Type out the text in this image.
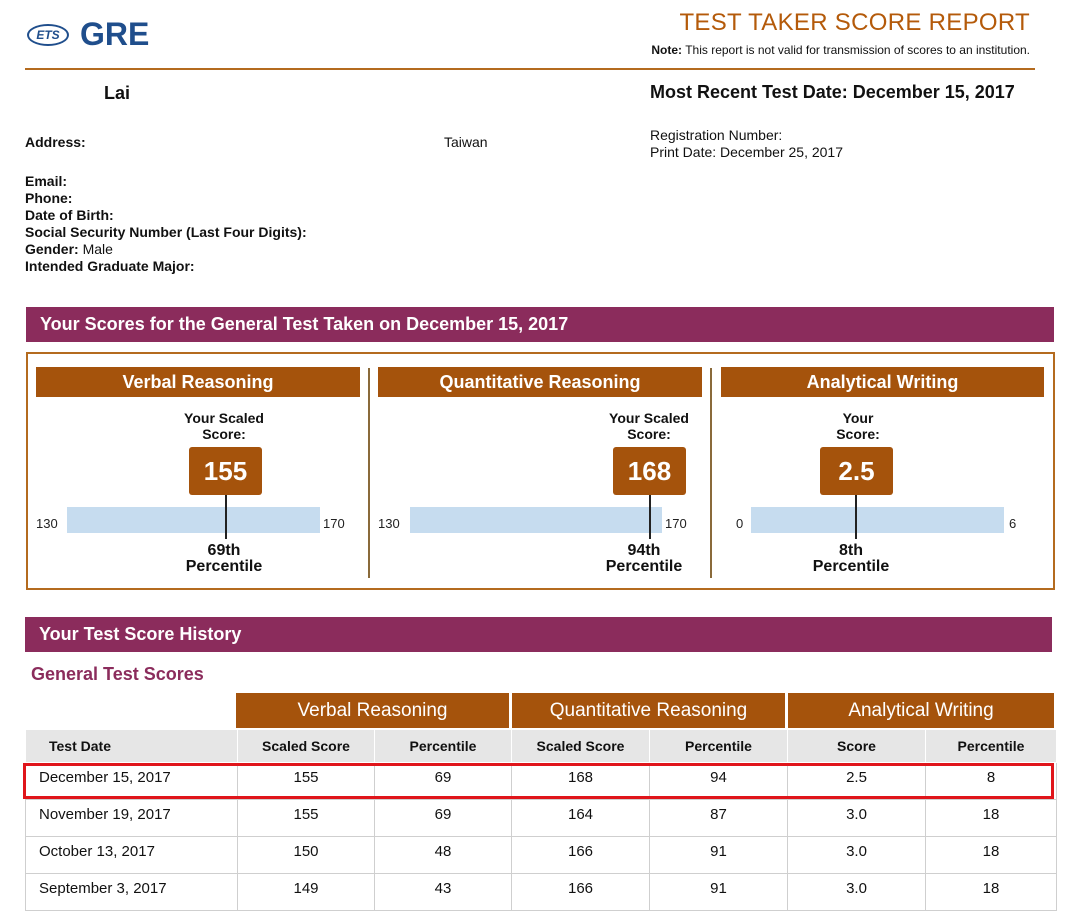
ETS GRE	TEST TAKER SCORE REPORT
Note: This report is not valid for transmission of scores to an institution.
Lai	Most Recent Test Date: December 15, 2017
Address:	Taiwan	Registration Number:
Print Date: December 25, 2017
Email:
Phone:
Date of Birth:
Social Security Number (Last Four Digits):
Gender: Male
Intended Graduate Major:
Your Scores for the General Test Taken on December 15, 2017
Verbal Reasoning
Your Scaled
Score:
155
130	170
69th
Percentile
Quantitative Reasoning
Your Scaled
Score:
168
130	170
94th
Percentile
Analytical Writing
Your
Score:
2.5
0	6
8th
Percentile
Your Test Score History
General Test Scores
Verbal Reasoning	Quantitative Reasoning	Analytical Writing
Test Date	Scaled Score	Percentile	Scaled Score	Percentile	Score	Percentile
December 15, 2017	155	69	168	94	2.5	8
November 19, 2017	155	69	164	87	3.0	18
October 13, 2017	150	48	166	91	3.0	18
September 3, 2017	149	43	166	91	3.0	18
